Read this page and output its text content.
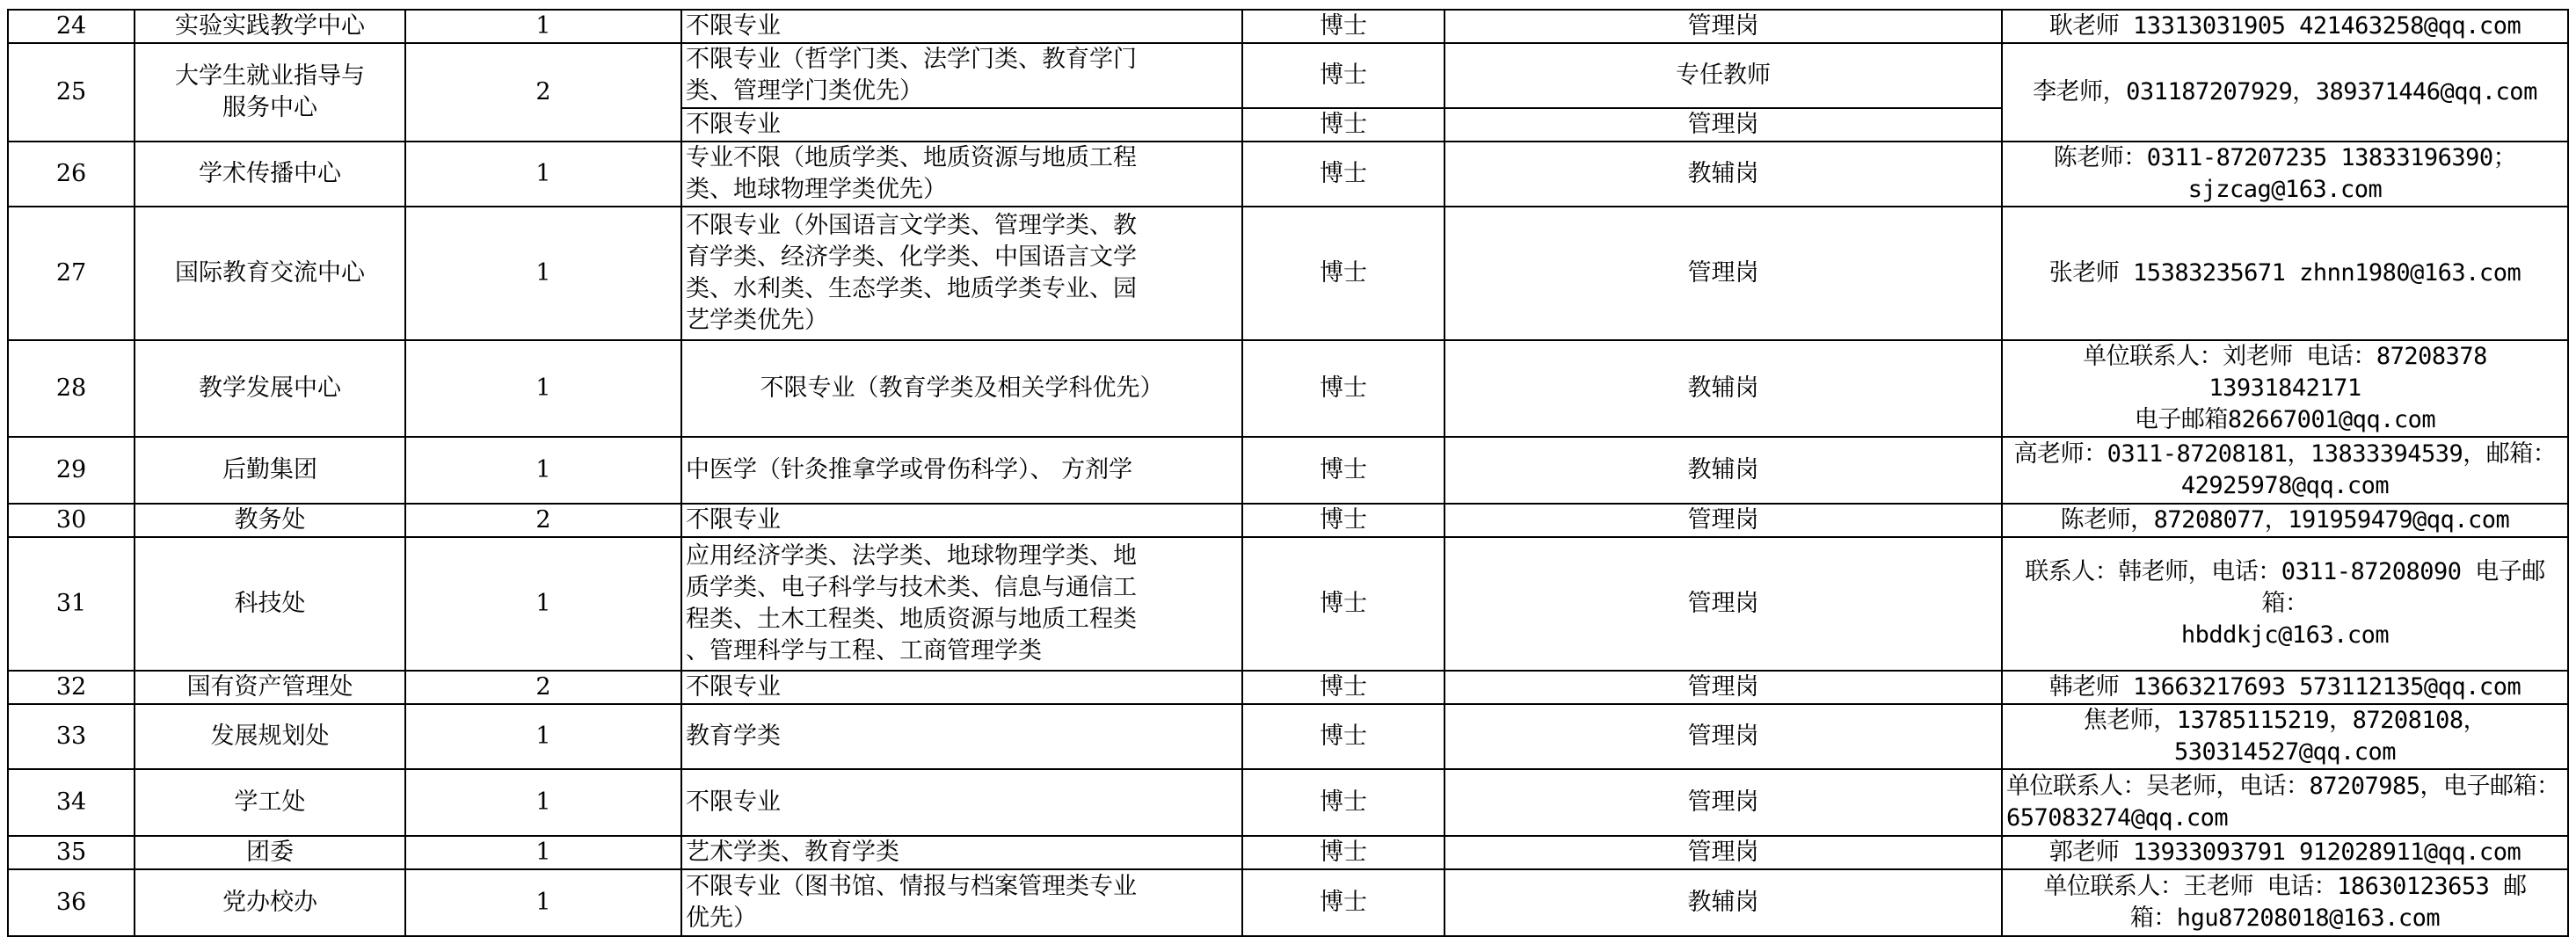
24	实验实践教学中心	1	不限专业	博士	管理岗	耿老师 13313031905 421463258@qq.com
25	大学生就业指导与
服务中心	2	不限专业（哲学门类、法学门类、教育学门
类、管理学门类优先）	博士	专任教师	李老师，031187207929，389371446@qq.com
			不限专业	博士	管理岗	
26	学术传播中心	1	专业不限（地质学类、地质资源与地质工程
类、地球物理学类优先）	博士	教辅岗	陈老师：0311-87207235 13833196390；
sjzcag@163.com

27	国际教育交流中心	1	不限专业（外国语言文学类、管理学类、教
育学类、经济学类、化学类、中国语言文学
类、水利类、生态学类、地质学类专业、园
艺学类优先）	博士	管理岗	张老师 15383235671 zhnn1980@163.com
28	教学发展中心	1	不限专业（教育学类及相关学科优先）	博士	教辅岗	单位联系人：刘老师 电话：87208378 13931842171
电子邮箱82667001@qq.com

29	后勤集团	1	中医学（针灸推拿学或骨伤科学）、 方剂学	博士	教辅岗	高老师：0311-87208181，13833394539，邮箱：
42925978@qq.com

30	教务处	2	不限专业	博士	管理岗	陈老师，87208077，191959479@qq.com
31	科技处	1	应用经济学类、法学类、地球物理学类、地
质学类、电子科学与技术类、信息与通信工
程类、土木工程类、地质资源与地质工程类
、管理科学与工程、工商管理学类	博士	管理岗	联系人：韩老师，电话：0311-87208090 电子邮箱：
hbddkjc@163.com

32	国有资产管理处	2	不限专业	博士	管理岗	韩老师 13663217693 573112135@qq.com
33	发展规划处	1	教育学类	博士	管理岗	焦老师，13785115219，87208108，530314527@qq.com
34	学工处	1	不限专业	博士	管理岗	单位联系人：吴老师，电话：87207985，电子邮箱：
657083274@qq.com

35	团委	1	艺术学类、教育学类	博士	管理岗	郭老师 13933093791 912028911@qq.com
36	党办校办	1	不限专业（图书馆、情报与档案管理类专业
优先）	博士	教辅岗	单位联系人：王老师 电话：18630123653 邮
箱：hgu87208018@163.com
